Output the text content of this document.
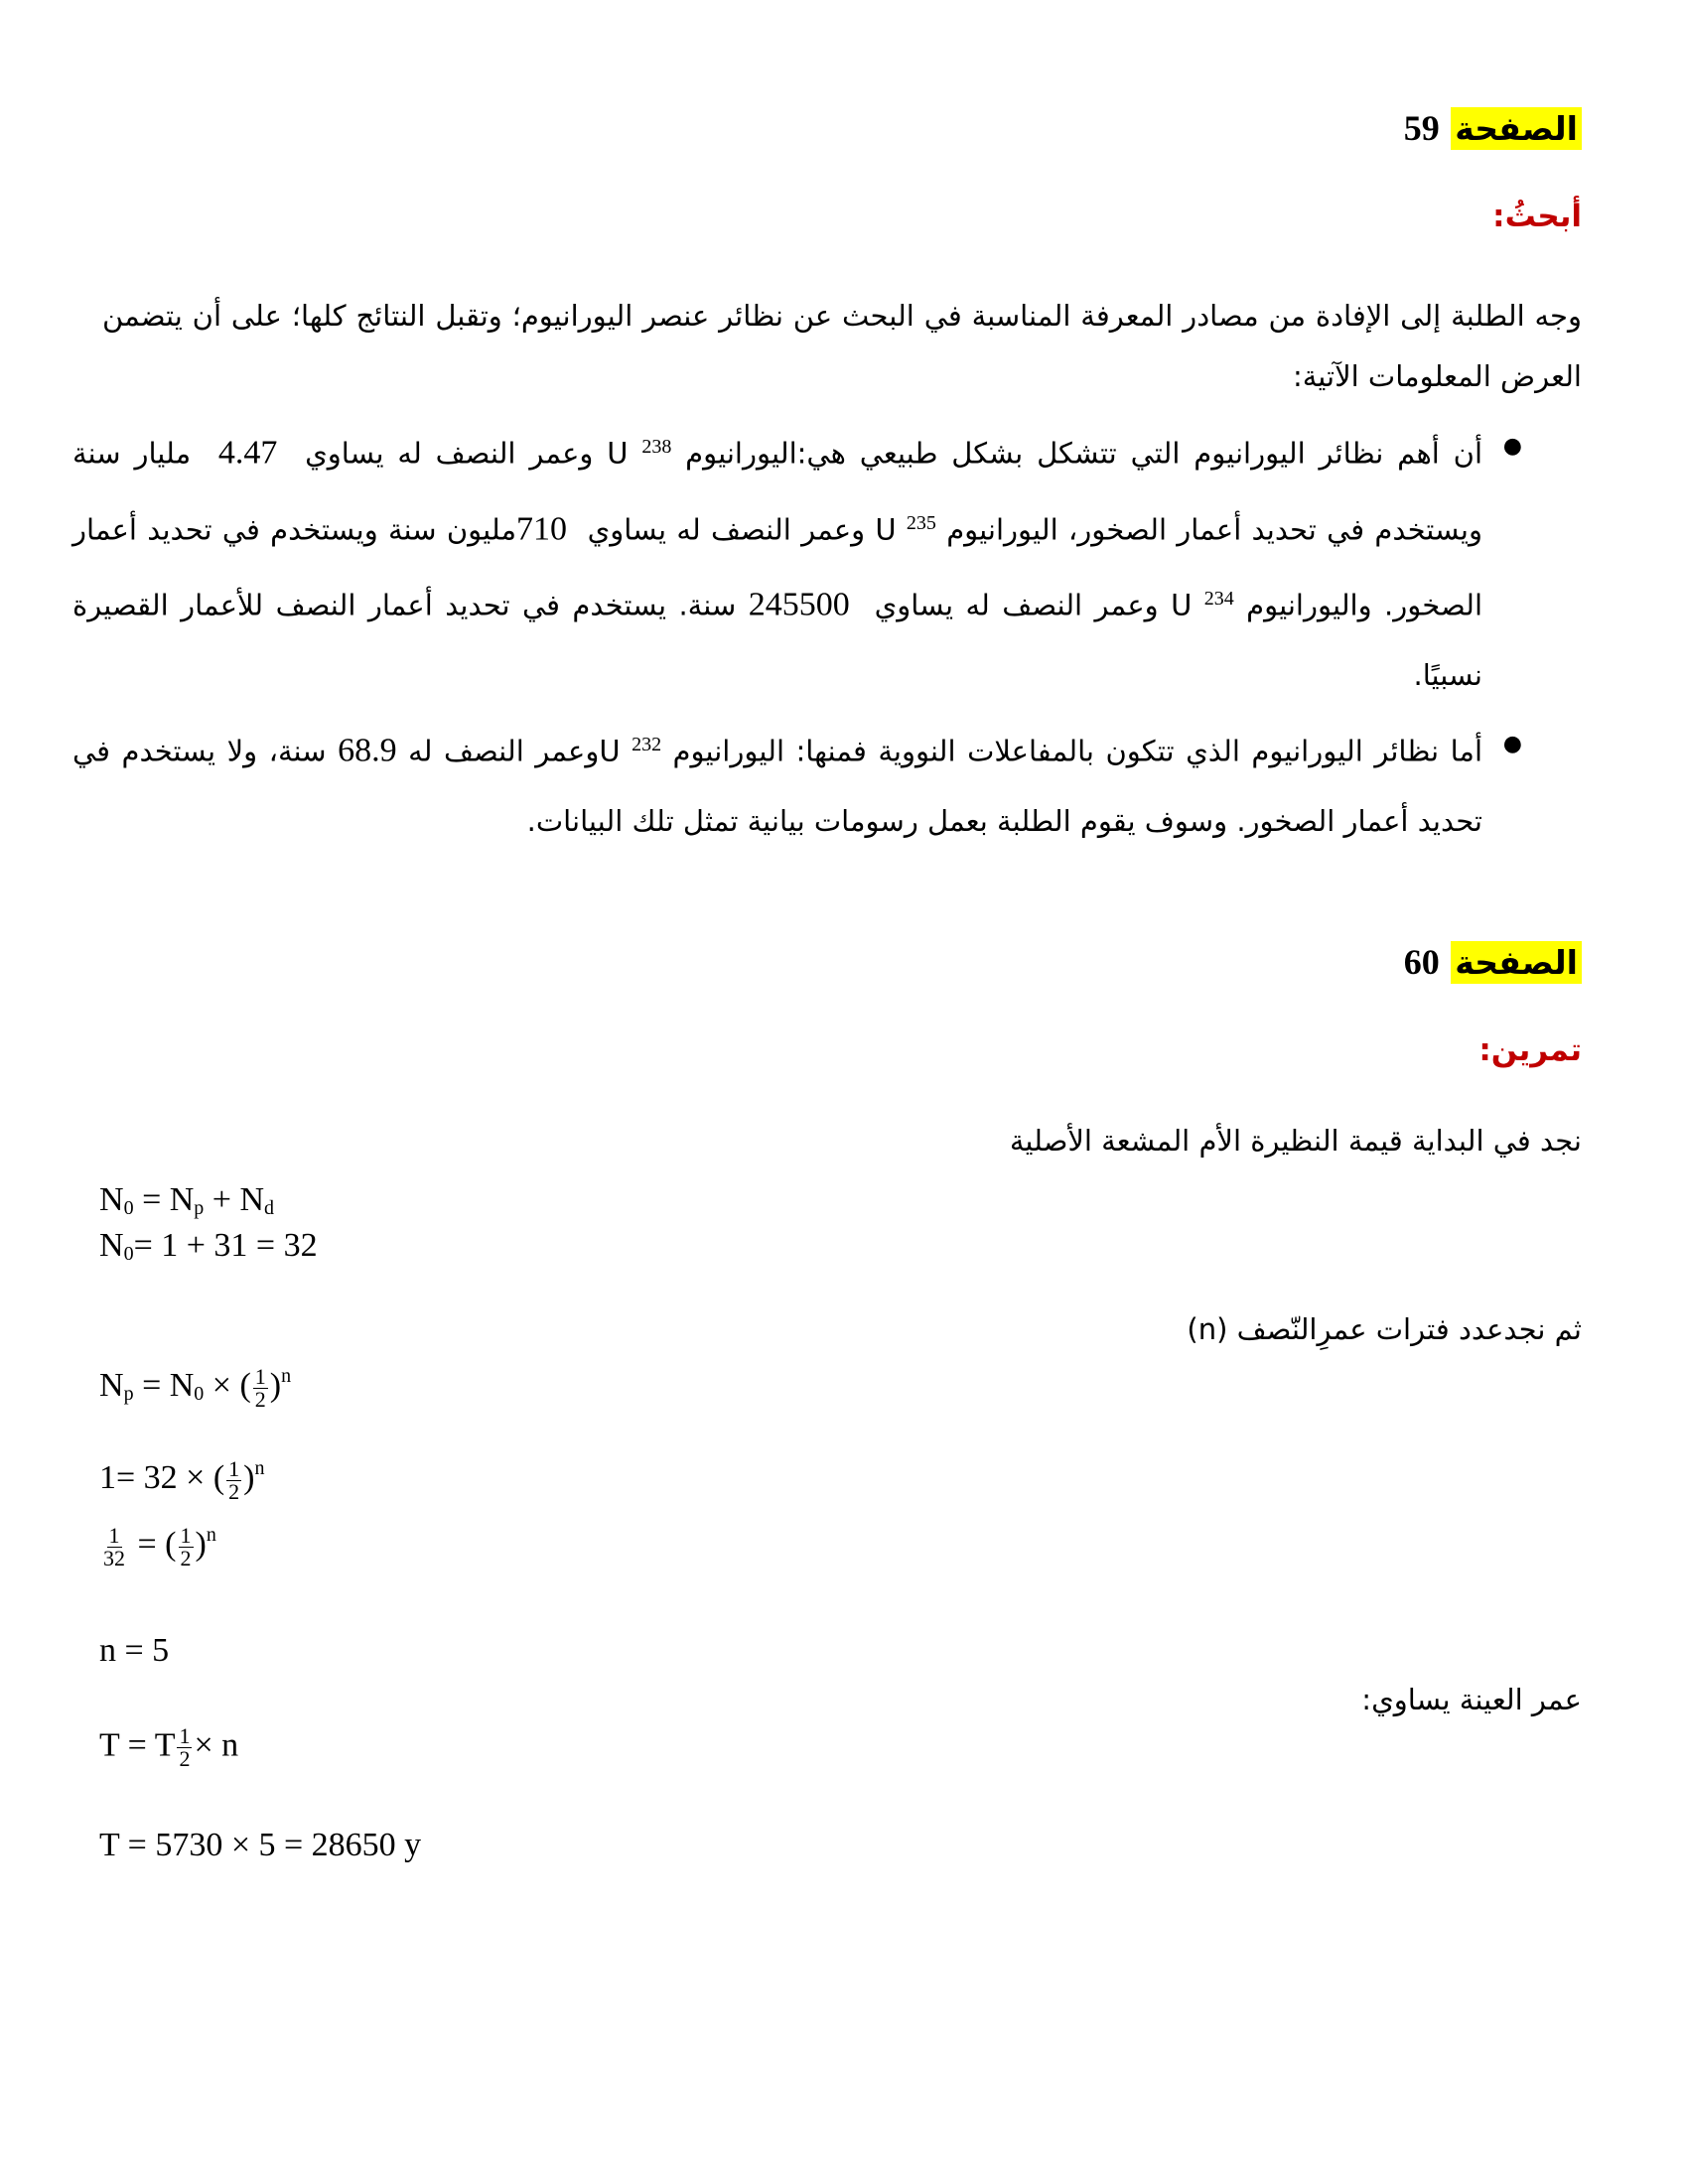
الصفحة 59
أبحثُ:
وجه الطلبة إلى الإفادة من مصادر المعرفة المناسبة في البحث عن نظائر عنصر اليورانيوم؛ وتقبل النتائج كلها؛ على أن يتضمن العرض المعلومات الآتية:
●
أن أهم نظائر اليورانيوم التي تتشكل بشكل طبيعي هي:اليورانيوم U $^{238}$ وعمر النصف له يساوي  4.47  مليار سنة ويستخدم في تحديد أعمار الصخور، اليورانيوم U $^{235}$ وعمر النصف له يساوي  710مليون سنة ويستخدم في تحديد أعمار الصخور. واليورانيوم U $^{234}$ وعمر النصف له يساوي  245500 سنة. يستخدم في تحديد أعمار النصف للأعمار القصيرة نسبيًا.
●
أما نظائر اليورانيوم الذي تتكون بالمفاعلات النووية فمنها: اليورانيوم U $^{232}$وعمر النصف له 68.9 سنة، ولا يستخدم في تحديد أعمار الصخور. وسوف يقوم الطلبة بعمل رسومات بيانية تمثل تلك البيانات.
الصفحة 60
تمرين:
نجد في البداية قيمة النظيرة الأم المشعة الأصلية
N0 = Np + Nd
N0= 1 + 31 = 32
ثم نجدعدد فترات عمرِالنّصف (n)
Np = N0 × ( $\frac{1}{2} )^n$
1= 32 × ( $\frac{1}{2} )^n$
$\frac{1}{32}$ = ( $\frac{1}{2} )^n$
n = 5
عمر العينة يساوي:
T = T $\frac{1}{2} \times n$
T = 5730 × 5 = 28650 y
